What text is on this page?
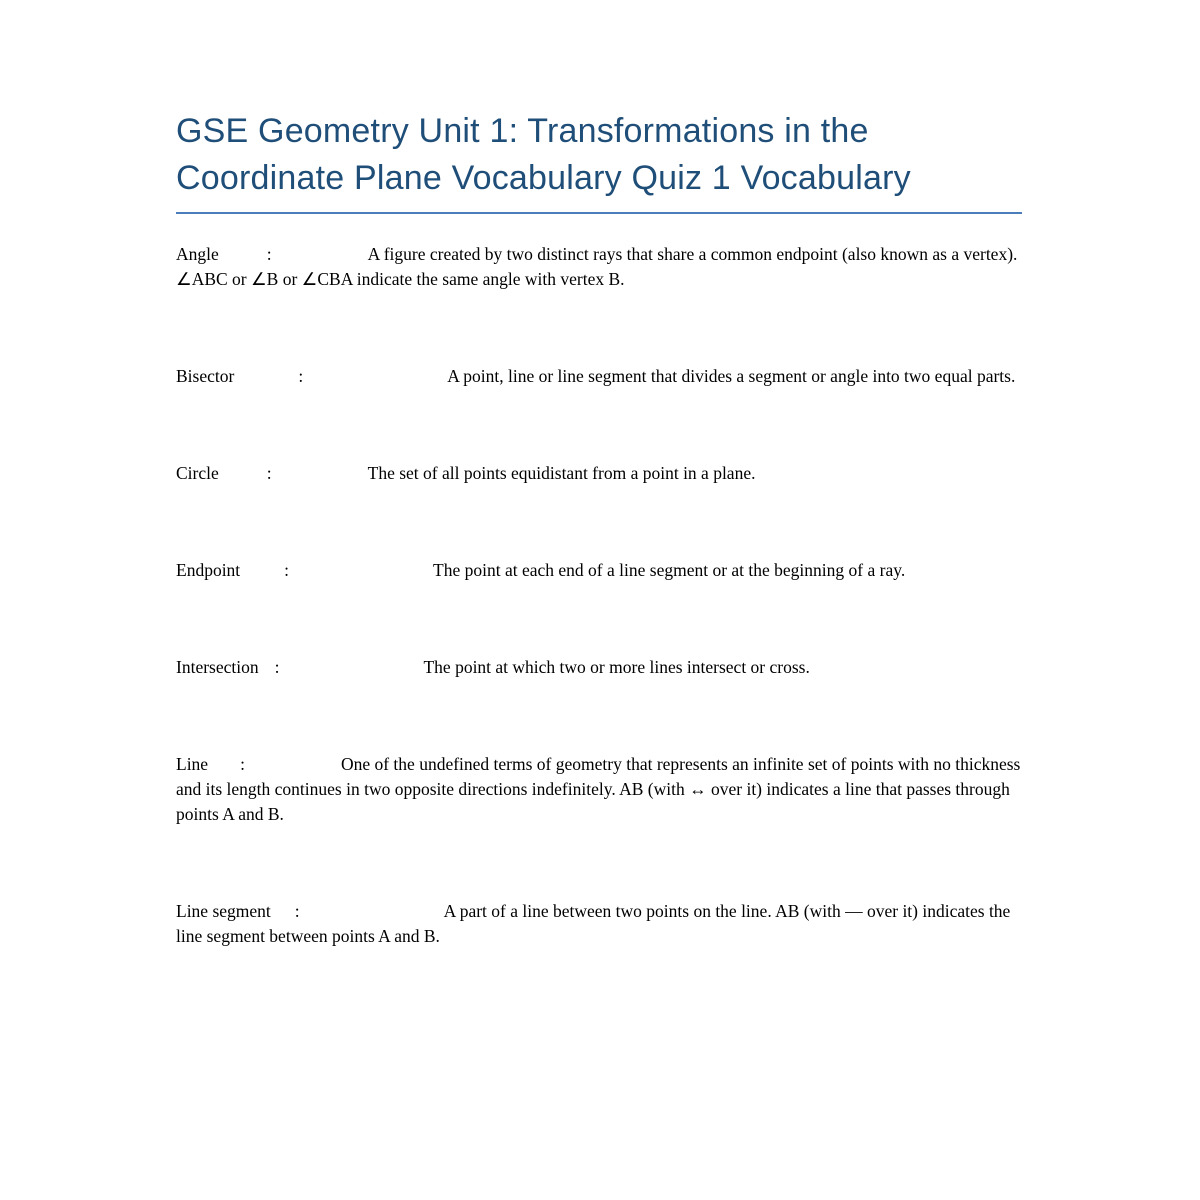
GSE Geometry Unit 1: Transformations in the Coordinate Plane Vocabulary Quiz 1 Vocabulary

Angle	:	A figure created by two distinct rays that share a common endpoint (also known as a vertex). ∠ABC or ∠B or ∠CBA indicate the same angle with vertex B.

Bisector	:	A point, line or line segment that divides a segment or angle into two equal parts.

Circle	:	The set of all points equidistant from a point in a plane.

Endpoint	:	The point at each end of a line segment or at the beginning of a ray.

Intersection :	The point at which two or more lines intersect or cross.

Line :	One of the undefined terms of geometry that represents an infinite set of points with no thickness and its length continues in two opposite directions indefinitely. AB (with ↔ over it) indicates a line that passes through points A and B.

Line segment :	A part of a line between two points on the line. AB (with — over it) indicates the line segment between points A and B.
